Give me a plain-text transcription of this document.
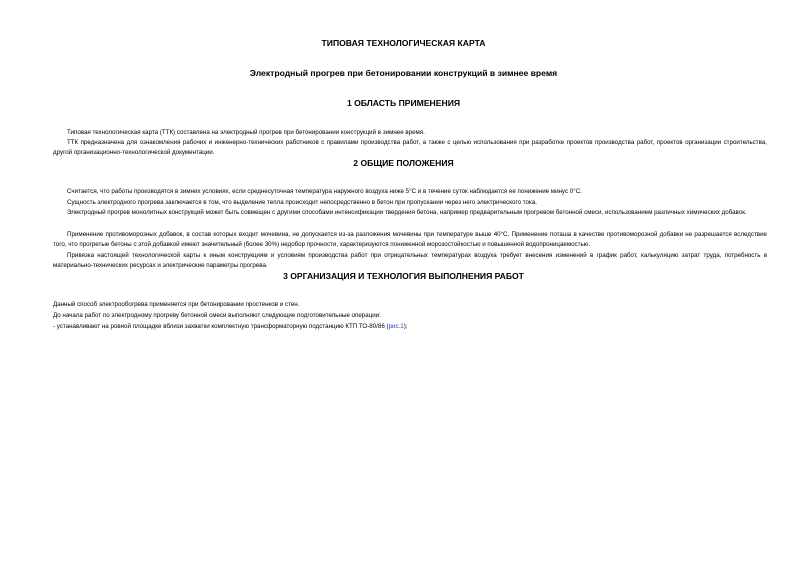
ТИПОВАЯ ТЕХНОЛОГИЧЕСКАЯ КАРТА
Электродный прогрев при бетонировании конструкций в зимнее время
1 ОБЛАСТЬ ПРИМЕНЕНИЯ

Типовая технологическая карта (ТТК) составлена на электродный прогрев при бетонировании конструкций в зимнее время.

ТТК предназначена для ознакомления рабочих и инженерно-технических работников с правилами производства работ, а также с целью использования при разработке проектов производства работ, проектов организации строительства, другой организационно-технологической документации.

2 ОБЩИЕ ПОЛОЖЕНИЯ

Считается, что работы производятся в зимних условиях, если среднесуточная температура наружного воздуха ниже 5°С и в течение суток наблюдается ее понижение минус 0°С.

Сущность электродного прогрева заключается в том, что выделение тепла происходит непосредственно в бетон при пропускании через него электрического тока.

Электродный прогрев монолитных конструкций может быть совмещен с другими способами интенсификации твердения бетона, например предварительным прогревом бетонной смеси, использованием различных химических добавок.

Применение противоморозных добавок, в состав которых входит мочевина, не допускается из-за разложения мочевины при температуре выше 40°С. Применение поташа в качестве противоморозной добавки не разрешается вследствие того, что прогретые бетоны с этой добавкой имеют значительный (более 30%) недобор прочности, характеризуются пониженной морозостойкостью и повышенной водопроницаемостью.

Привязка настоящей технологической карты к иным конструкциям и условиям производства работ при отрицательных температурах воздуха требует внесения изменений в график работ, калькуляцию затрат труда, потребность в материально-технических ресурсах и электрические параметры прогрева.

3 ОРГАНИЗАЦИЯ И ТЕХНОЛОГИЯ ВЫПОЛНЕНИЯ РАБОТ

Данный способ электрообогрева применяется при бетонировании простенков и стен.

До начала работ по электродному прогреву бетонной смеси выполняют следующие подготовительные операции:

- устанавливают на ровной площадке вблизи захватки комплектную трансформаторную подстанцию КТП ТО-80/86 (рис.1);
